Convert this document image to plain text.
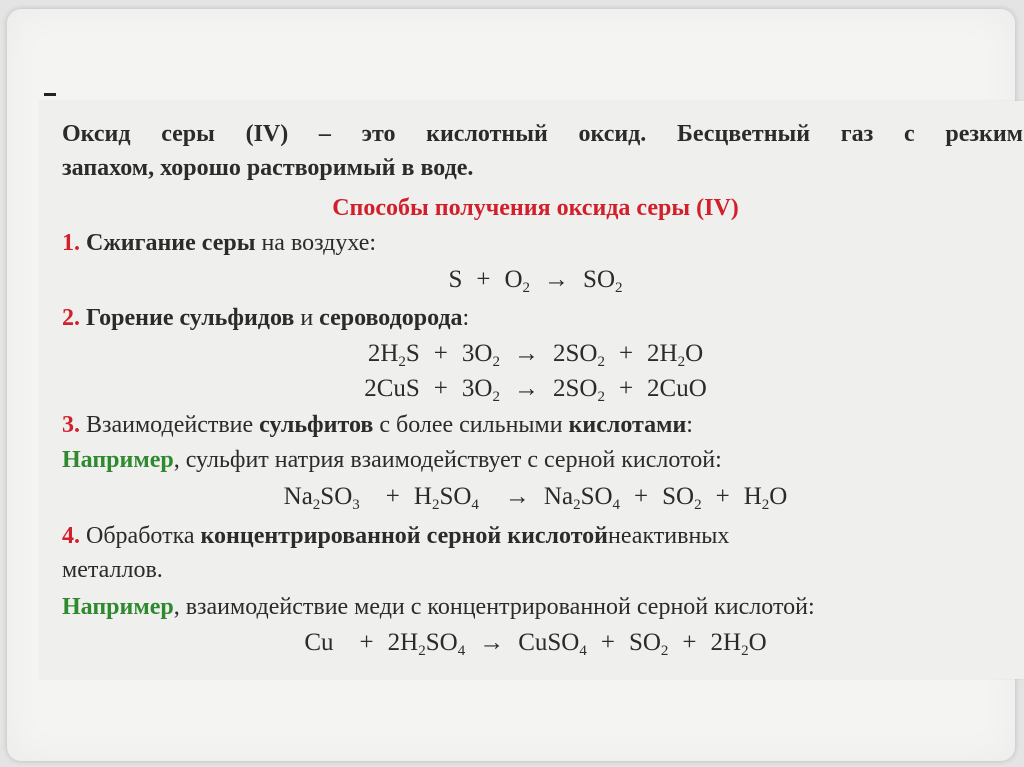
Оксид серы (IV) – это кислотный оксид. Бесцветный газ с резким
запахом, хорошо растворимый в воде.
Способы получения оксида серы (IV)
1. Сжигание серы на воздухе:
$S + O_2 \to SO_2$
2. Горение сульфидов и сероводорода:
$2H_2S + 3O_2 \to 2SO_2 + 2H_2O$
$2CuS + 3O_2 \to 2SO_2 + 2CuO$
3. Взаимодействие сульфитов с более сильными кислотами:
Например, сульфит натрия взаимодействует с серной кислотой:
$Na_2SO_3 + H_2SO_4 \to Na_2SO_4 + SO_2 + H_2O$
4. Обработка концентрированной серной кислотойнеактивных
металлов.
Например, взаимодействие меди с концентрированной серной кислотой:
$Cu + 2H_2SO_4$ → CuSO$_4$ + $SO_2 + 2H_2O$
